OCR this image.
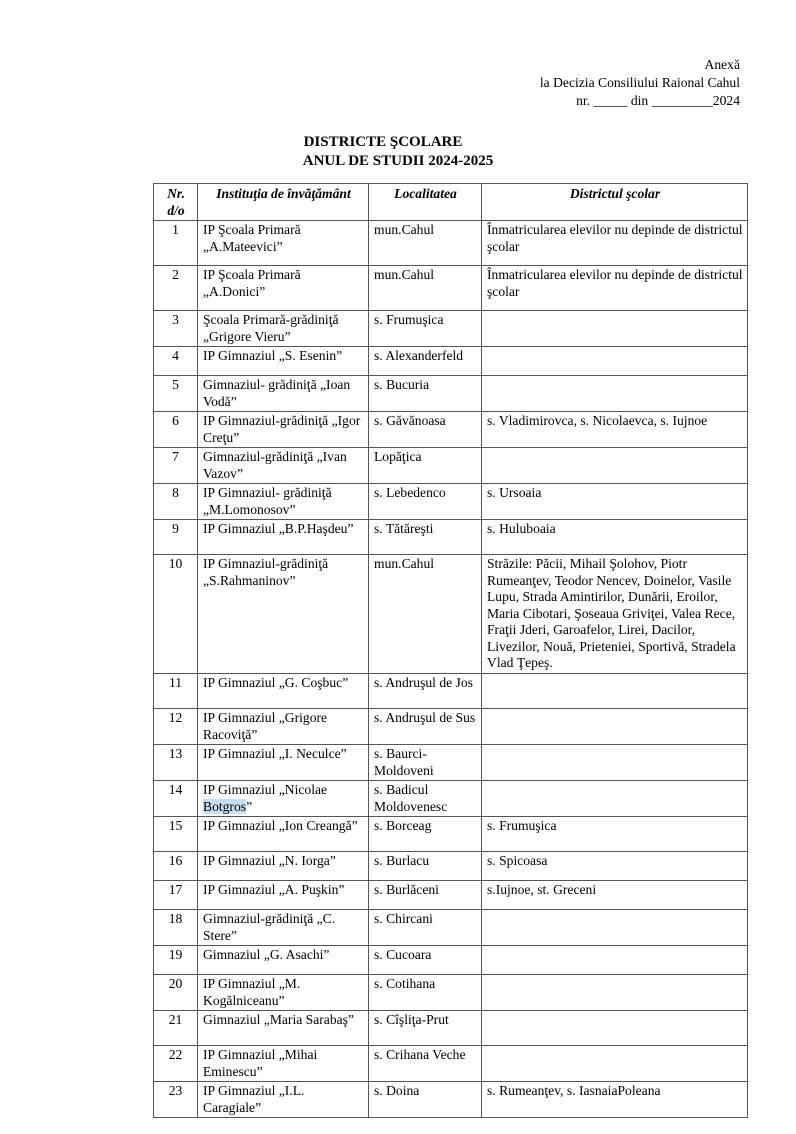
Anexă
la Decizia Consiliului Raional Cahul
nr. _____ din _________2024
DISTRICTE ŞCOLARE
ANUL DE STUDII 2024-2025
Nr. d/o	Instituţia de învăţământ	Localitatea	Districtul şcolar
1	IP Şcoala Primară „A.Mateevici”	mun.Cahul	Înmatricularea elevilor nu depinde de districtul şcolar
2	IP Şcoala Primară „A.Donici”	mun.Cahul	Înmatricularea elevilor nu depinde de districtul şcolar
3	Şcoala Primară-grădiniţă „Grigore Vieru”	s. Frumuşica	
4	IP Gimnaziul „S. Esenin”	s. Alexanderfeld	
5	Gimnaziul- grădiniţă „Ioan Vodă”	s. Bucuria	
6	IP Gimnaziul-grădiniţă „Igor Creţu”	s. Găvănoasa	s. Vladimirovca, s. Nicolaevca, s. Iujnoe
7	Gimnaziul-grădiniţă „Ivan Vazov”	Lopăţica	
8	IP Gimnaziul- grădiniţă „M.Lomonosov”	s. Lebedenco	s. Ursoaia
9	IP Gimnaziul „B.P.Haşdeu”	s. Tătăreşti	s. Huluboaia
10	IP Gimnaziul-grădiniţă „S.Rahmaninov”	mun.Cahul	Străzile: Păcii, Mihail Şolohov, Piotr Rumeanţev, Teodor Nencev, Doinelor, Vasile Lupu, Strada Amintirilor, Dunării, Eroilor, Maria Cibotari, Şoseaua Griviţei, Valea Rece, Fraţii Jderi, Garoafelor, Lirei, Dacilor, Livezilor, Nouă, Prieteniei, Sportivă, Stradela Vlad Ţepeş.
11	IP Gimnaziul „G. Coşbuc”	s. Andruşul de Jos	
12	IP Gimnaziul „Grigore Racoviţă”	s. Andruşul de Sus	
13	IP Gimnaziul „I. Neculce”	s. Baurci-Moldoveni	
14	IP Gimnaziul „Nicolae Botgros”	s. Badicul Moldovenesc	
15	IP Gimnaziul „Ion Creangă”	s. Borceag	s. Frumuşica
16	IP Gimnaziul „N. Iorga”	s. Burlacu	s. Spicoasa
17	IP Gimnaziul „A. Puşkin”	s. Burlăceni	s.Iujnoe, st. Greceni
18	Gimnaziul-grădiniţă „C. Stere”	s. Chircani	
19	Gimnaziul „G. Asachi”	s. Cucoara	
20	IP Gimnaziul „M. Kogălniceanu”	s. Cotihana	
21	Gimnaziul „Maria Sarabaş”	s. Cîşliţa-Prut	
22	IP Gimnaziul „Mihai Eminescu”	s. Crihana Veche	
23	IP Gimnaziul „I.L. Caragiale”	s. Doina	s. Rumeanţev, s. IasnaiaPoleana
